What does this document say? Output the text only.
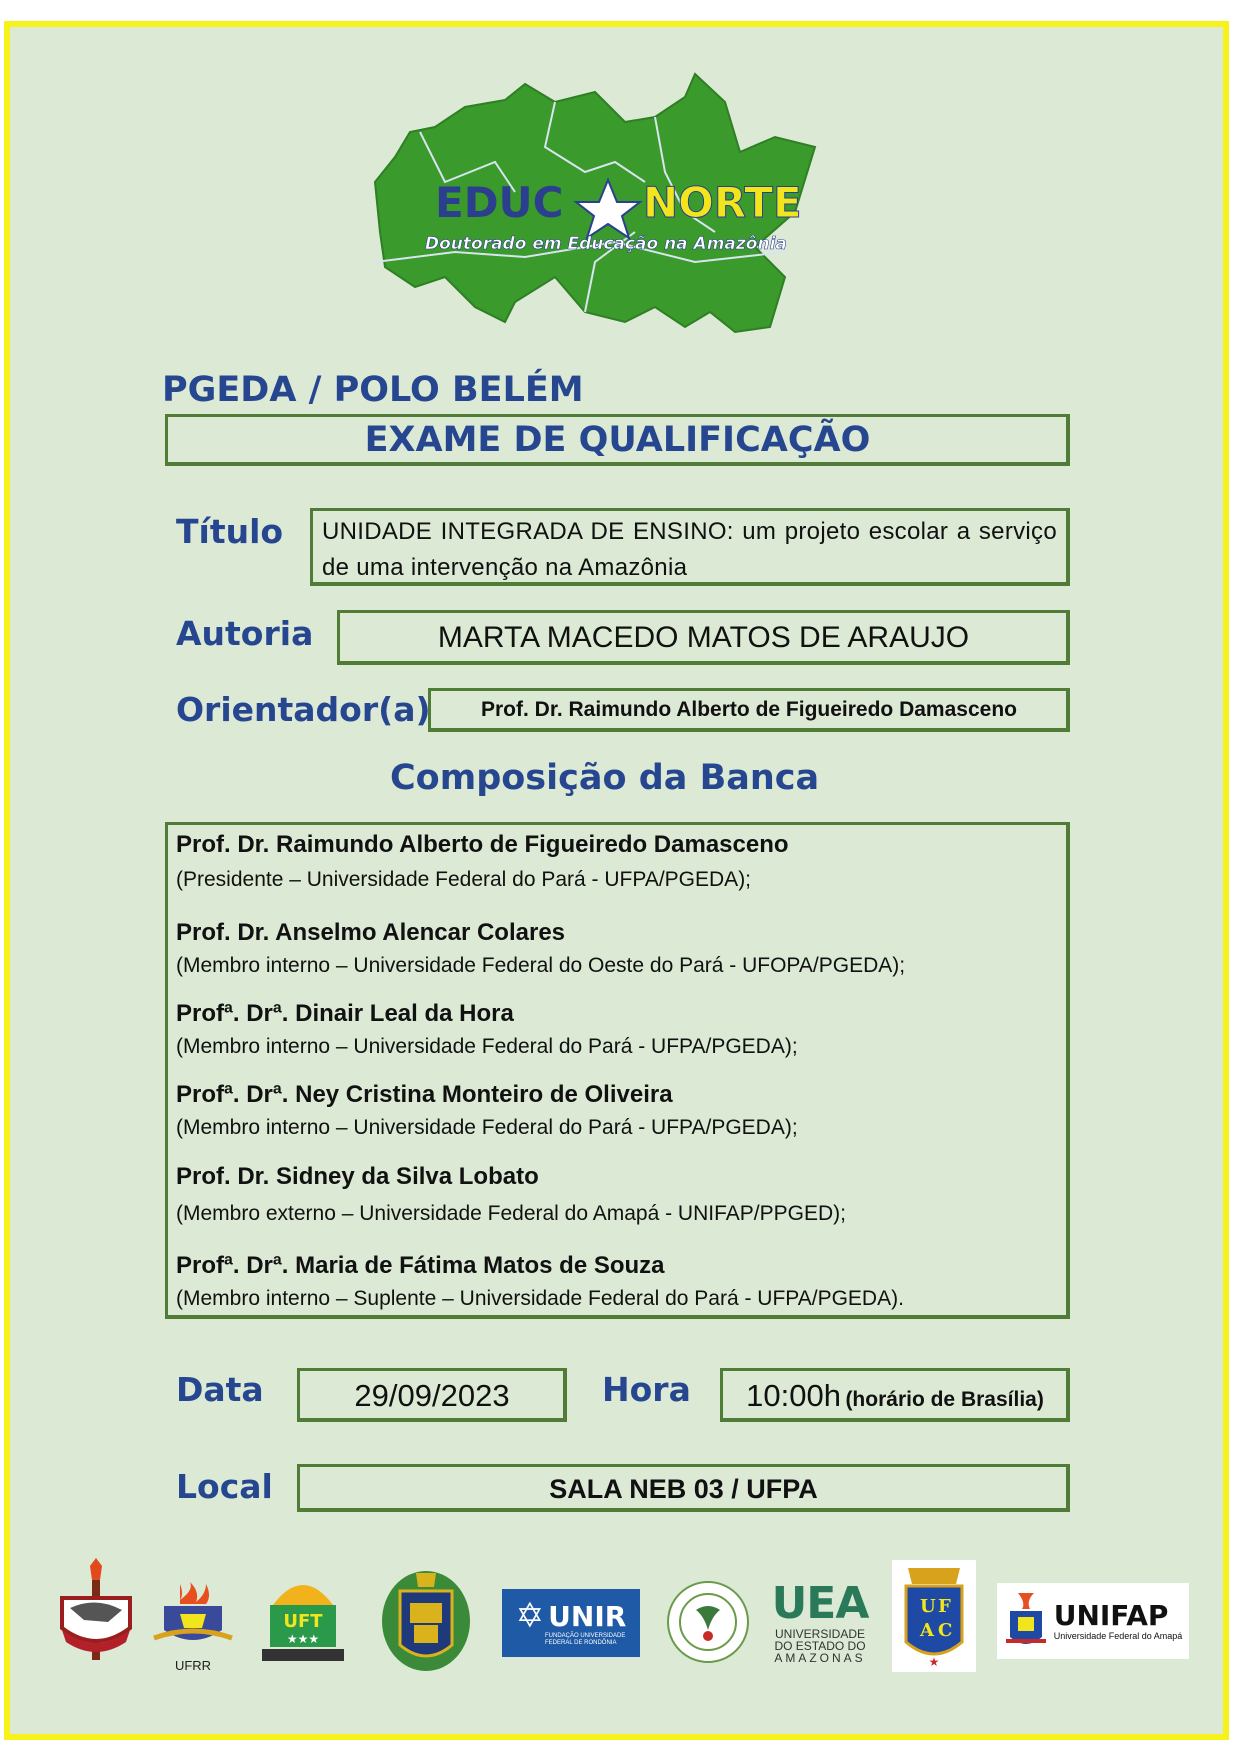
EDUC NORTE
Doutorado em Educação na Amazônia
PGEDA / POLO BELÉM
EXAME DE QUALIFICAÇÃO
Título UNIDADE INTEGRADA DE ENSINO: um projeto escolar a serviço de uma intervenção na Amazônia
Autoria	MARTA MACEDO MATOS DE ARAUJO
Orientador(a)	Prof. Dr. Raimundo Alberto de Figueiredo Damasceno
Composição da Banca
Prof. Dr. Raimundo Alberto de Figueiredo Damasceno
(Presidente – Universidade Federal do Pará - UFPA/PGEDA);
Prof. Dr. Anselmo Alencar Colares
(Membro interno – Universidade Federal do Oeste do Pará - UFOPA/PGEDA);
Profª. Drª. Dinair Leal da Hora
(Membro interno – Universidade Federal do Pará - UFPA/PGEDA);
Profª. Drª. Ney Cristina Monteiro de Oliveira
(Membro interno – Universidade Federal do Pará - UFPA/PGEDA);
Prof. Dr. Sidney da Silva Lobato
(Membro externo – Universidade Federal do Amapá - UNIFAP/PPGED);
Profª. Drª. Maria de Fátima Matos de Souza
(Membro interno – Suplente – Universidade Federal do Pará - UFPA/PGEDA).
Data	29/09/2023	Hora	10:00h (horário de Brasília)
Local	SALA NEB 03 / UFPA
UFRR
UFT
★★★
✡ UNIR
FUNDAÇÃO UNIVERSIDADE FEDERAL DE RONDÔNIA
UEA
UNIVERSIDADE
DO ESTADO DO
AMAZONAS
U F
A C
★
UNIFAP
Universidade Federal do Amapá
